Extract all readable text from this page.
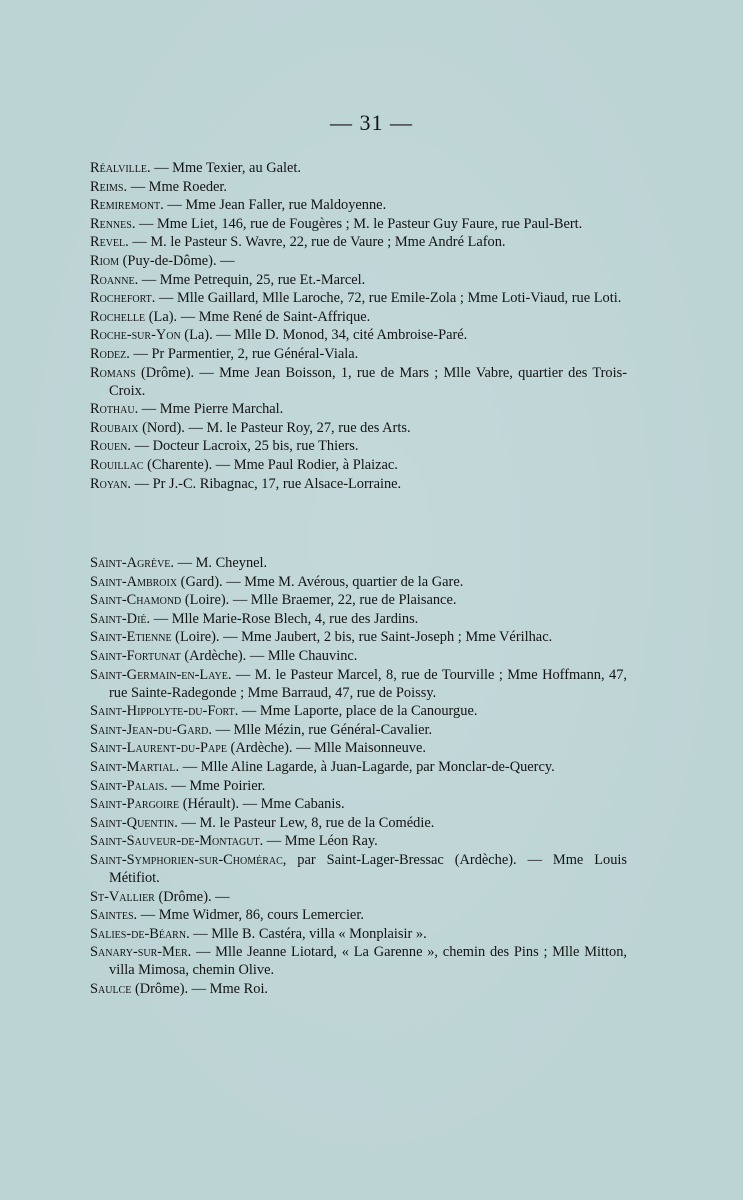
— 31 —

Réalville. — Mme Texier, au Galet.

Reims. — Mme Roeder.

Remiremont. — Mme Jean Faller, rue Maldoyenne.

Rennes. — Mme Liet, 146, rue de Fougères ; M. le Pasteur Guy Faure, rue Paul-Bert.

Revel. — M. le Pasteur S. Wavre, 22, rue de Vaure ; Mme André Lafon.

Riom (Puy-de-Dôme). —

Roanne. — Mme Petrequin, 25, rue Et.-Marcel.

Rochefort. — Mlle Gaillard, Mlle Laroche, 72, rue Emile-Zola ; Mme Loti-Viaud, rue Loti.

Rochelle (La). — Mme René de Saint-Affrique.

Roche-sur-Yon (La). — Mlle D. Monod, 34, cité Ambroise-Paré.

Rodez. — Pr Parmentier, 2, rue Général-Viala.

Romans (Drôme). — Mme Jean Boisson, 1, rue de Mars ; Mlle Vabre, quartier des Trois-Croix.

Rothau. — Mme Pierre Marchal.

Roubaix (Nord). — M. le Pasteur Roy, 27, rue des Arts.

Rouen. — Docteur Lacroix, 25 bis, rue Thiers.

Rouillac (Charente). — Mme Paul Rodier, à Plaizac.

Royan. — Pr J.-C. Ribagnac, 17, rue Alsace-Lorraine.

Saint-Agrève. — M. Cheynel.

Saint-Ambroix (Gard). — Mme M. Avérous, quartier de la Gare.

Saint-Chamond (Loire). — Mlle Braemer, 22, rue de Plaisance.

Saint-Dié. — Mlle Marie-Rose Blech, 4, rue des Jardins.

Saint-Etienne (Loire). — Mme Jaubert, 2 bis, rue Saint-Joseph ; Mme Vérilhac.

Saint-Fortunat (Ardèche). — Mlle Chauvinc.

Saint-Germain-en-Laye. — M. le Pasteur Marcel, 8, rue de Tourville ; Mme Hoffmann, 47, rue Sainte-Radegonde ; Mme Barraud, 47, rue de Poissy.

Saint-Hippolyte-du-Fort. — Mme Laporte, place de la Canourgue.

Saint-Jean-du-Gard. — Mlle Mézin, rue Général-Cavalier.

Saint-Laurent-du-Pape (Ardèche). — Mlle Maisonneuve.

Saint-Martial. — Mlle Aline Lagarde, à Juan-Lagarde, par Monclar-de-Quercy.

Saint-Palais. — Mme Poirier.

Saint-Pargoire (Hérault). — Mme Cabanis.

Saint-Quentin. — M. le Pasteur Lew, 8, rue de la Comédie.

Saint-Sauveur-de-Montagut. — Mme Léon Ray.

Saint-Symphorien-sur-Chomérac, par Saint-Lager-Bressac (Ardèche). — Mme Louis Métifiot.

St-Vallier (Drôme). —

Saintes. — Mme Widmer, 86, cours Lemercier.

Salies-de-Béarn. — Mlle B. Castéra, villa « Monplaisir ».

Sanary-sur-Mer. — Mlle Jeanne Liotard, « La Garenne », chemin des Pins ; Mlle Mitton, villa Mimosa, chemin Olive.

Saulce (Drôme). — Mme Roi.
